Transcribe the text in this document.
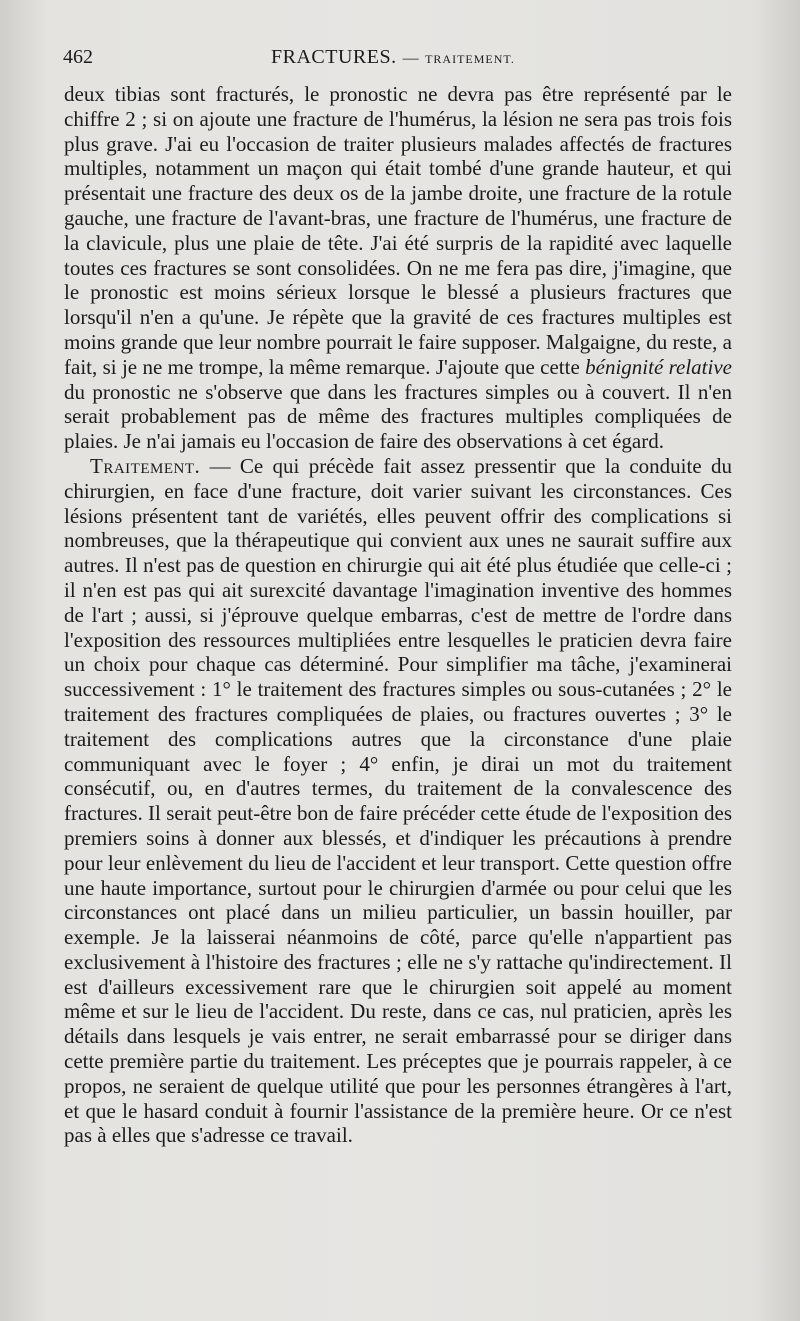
462	FRACTURES. — TRAITEMENT.

deux tibias sont fracturés, le pronostic ne devra pas être représenté par le chiffre 2 ; si on ajoute une fracture de l'humérus, la lésion ne sera pas trois fois plus grave. J'ai eu l'occasion de traiter plusieurs malades affectés de fractures multiples, notamment un maçon qui était tombé d'une grande hauteur, et qui présentait une fracture des deux os de la jambe droite, une fracture de la rotule gauche, une fracture de l'avant-bras, une fracture de l'humérus, une fracture de la clavicule, plus une plaie de tête. J'ai été surpris de la rapidité avec laquelle toutes ces fractures se sont consolidées. On ne me fera pas dire, j'imagine, que le pronostic est moins sérieux lorsque le blessé a plusieurs fractures que lorsqu'il n'en a qu'une. Je répète que la gravité de ces fractures multiples est moins grande que leur nombre pourrait le faire supposer. Malgaigne, du reste, a fait, si je ne me trompe, la même remarque. J'ajoute que cette bénignité relative du pronostic ne s'observe que dans les fractures simples ou à couvert. Il n'en serait probablement pas de même des fractures multiples compliquées de plaies. Je n'ai jamais eu l'occasion de faire des observations à cet égard.

Traitement. — Ce qui précède fait assez pressentir que la conduite du chirurgien, en face d'une fracture, doit varier suivant les circonstances. Ces lésions présentent tant de variétés, elles peuvent offrir des complications si nombreuses, que la thérapeutique qui convient aux unes ne saurait suffire aux autres. Il n'est pas de question en chirurgie qui ait été plus étudiée que celle-ci ; il n'en est pas qui ait surexcité davantage l'imagination inventive des hommes de l'art ; aussi, si j'éprouve quelque embarras, c'est de mettre de l'ordre dans l'exposition des ressources multipliées entre lesquelles le praticien devra faire un choix pour chaque cas déterminé. Pour simplifier ma tâche, j'examinerai successivement : 1° le traitement des fractures simples ou sous-cutanées ; 2° le traitement des fractures compliquées de plaies, ou fractures ouvertes ; 3° le traitement des complications autres que la circonstance d'une plaie communiquant avec le foyer ; 4° enfin, je dirai un mot du traitement consécutif, ou, en d'autres termes, du traitement de la convalescence des fractures. Il serait peut-être bon de faire précéder cette étude de l'exposition des premiers soins à donner aux blessés, et d'indiquer les précautions à prendre pour leur enlèvement du lieu de l'accident et leur transport. Cette question offre une haute importance, surtout pour le chirurgien d'armée ou pour celui que les circonstances ont placé dans un milieu particulier, un bassin houiller, par exemple. Je la laisserai néanmoins de côté, parce qu'elle n'appartient pas exclusivement à l'histoire des fractures ; elle ne s'y rattache qu'indirectement. Il est d'ailleurs excessivement rare que le chirurgien soit appelé au moment même et sur le lieu de l'accident. Du reste, dans ce cas, nul praticien, après les détails dans lesquels je vais entrer, ne serait embarrassé pour se diriger dans cette première partie du traitement. Les préceptes que je pourrais rappeler, à ce propos, ne seraient de quelque utilité que pour les personnes étrangères à l'art, et que le hasard conduit à fournir l'assistance de la première heure. Or ce n'est pas à elles que s'adresse ce travail.
